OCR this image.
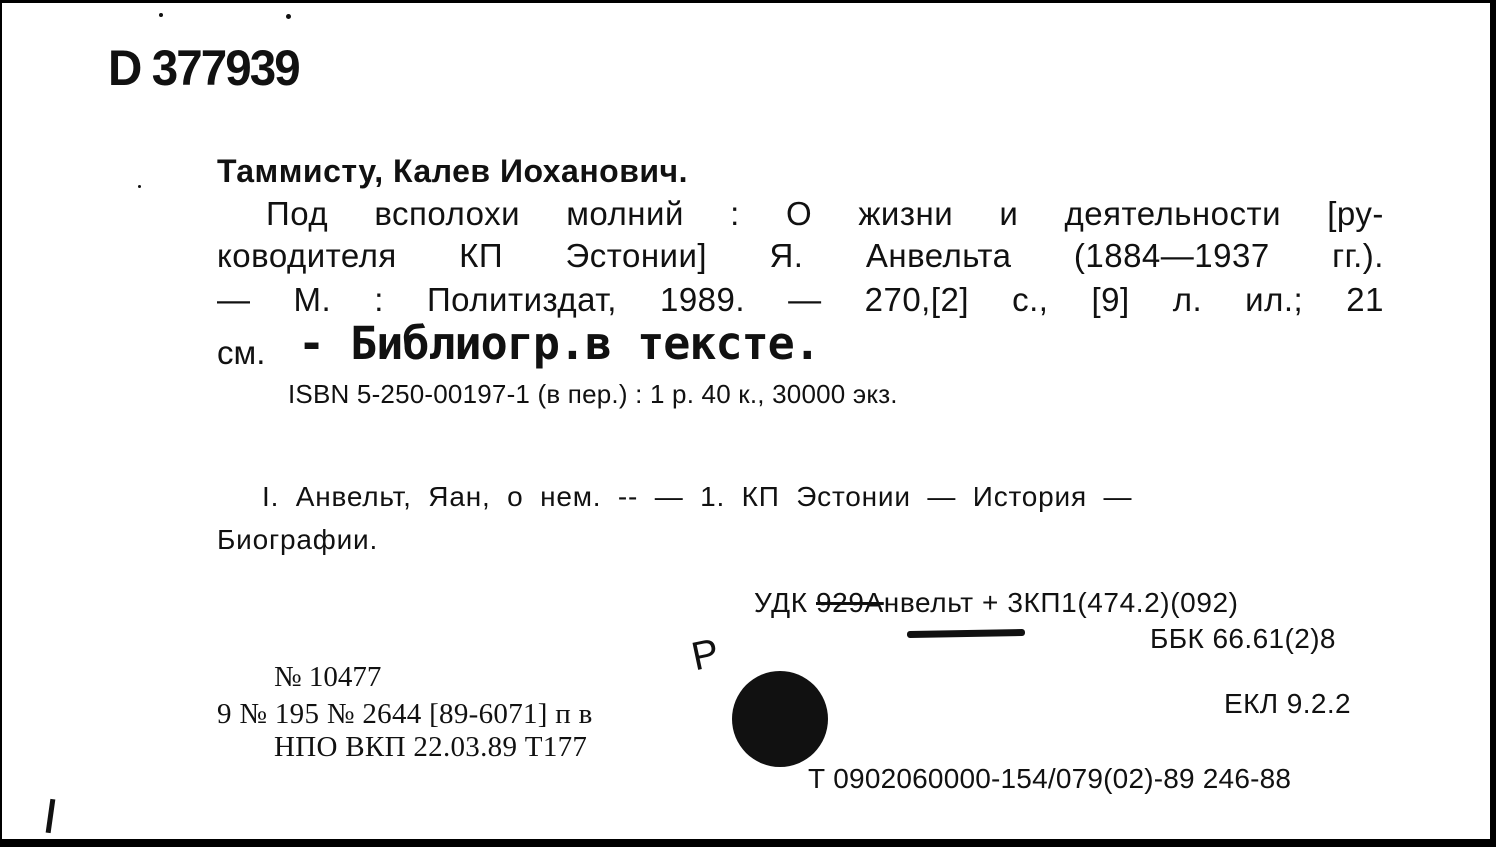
D 377939
Таммисту, Калев Иоханович.
Под всполохи молний : О жизни и деятельности [ру-
ководителя КП Эстонии] Я. Анвельта (1884—1937 гг.).
— М. : Политиздат, 1989. — 270,[2] с., [9] л. ил.; 21
см. - Библиогр.в тексте.
ISBN 5-250-00197-1 (в пер.) : 1 р. 40 к., 30000 экз.
I. Анвельт, Яан, о нем. -- — 1. КП Эстонии — История —
Биографии.
УДК 929Анвельт + 3КП1(474.2)(092)
ББК 66.61(2)8
Р
№ 10477
9 № 195 № 2644 [89-6071] п в
НПО ВКП 22.03.89 Т177
ЕКЛ 9.2.2
Т 0902060000-154/079(02)-89 246-88
